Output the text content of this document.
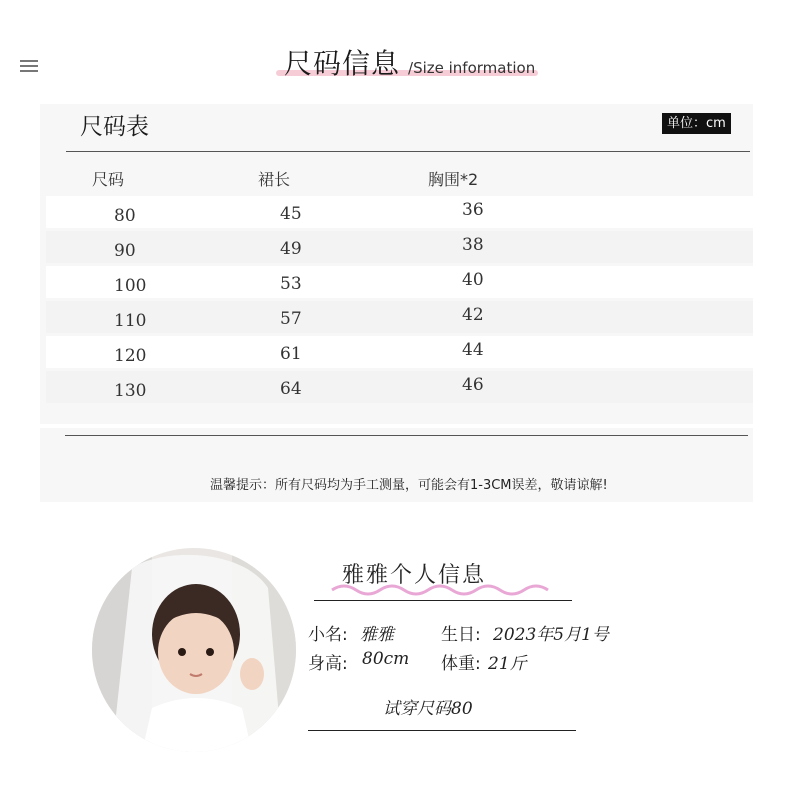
尺码信息 /Size information
尺码表	单位：cm
尺码	裙长	胸围*2
80	45	36
90	49	38
100	53	40
110	57	42
120	61	44
130	64	46
温馨提示：所有尺码均为手工测量，可能会有1-3CM误差，敬请谅解!
雅雅个人信息
小名: 雅雅	生日: 2023年5月1号
身高: 80cm 体重: 21斤
试穿尺码80
